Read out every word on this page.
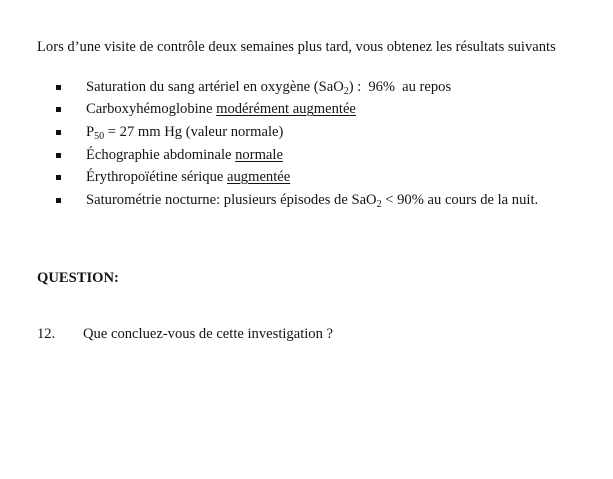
Lors d’une visite de contrôle deux semaines plus tard, vous obtenez les résultats suivants
Saturation du sang artériel en oxygène (SaO$_2$) : 96% au repos
Carboxyhémoglobine modérément augmentée
$P_{50} = 27$ mm Hg (valeur normale)
Échographie abdominale normale
Érythropoïétine sérique augmentée
Saturométrie nocturne: plusieurs épisodes de SaO$_2$ < 90% au cours de la nuit.
QUESTION:
12. Que concluez-vous de cette investigation ?
